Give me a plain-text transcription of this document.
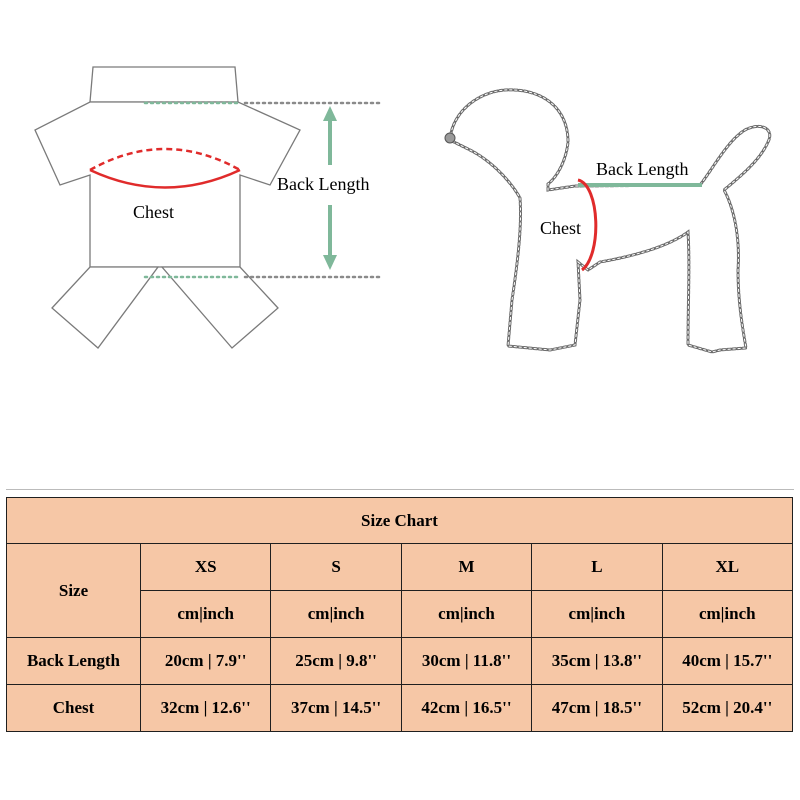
Chest
Back Length
Back Length
Chest
Size Chart					
Size	XS	S	M	L	XL
	cm|inch	cm|inch	cm|inch	cm|inch	cm|inch
Back Length	20cm | 7.9''	25cm | 9.8''	30cm | 11.8''	35cm | 13.8''	40cm | 15.7''
Chest	32cm | 12.6''	37cm | 14.5''	42cm | 16.5''	47cm | 18.5''	52cm | 20.4''
